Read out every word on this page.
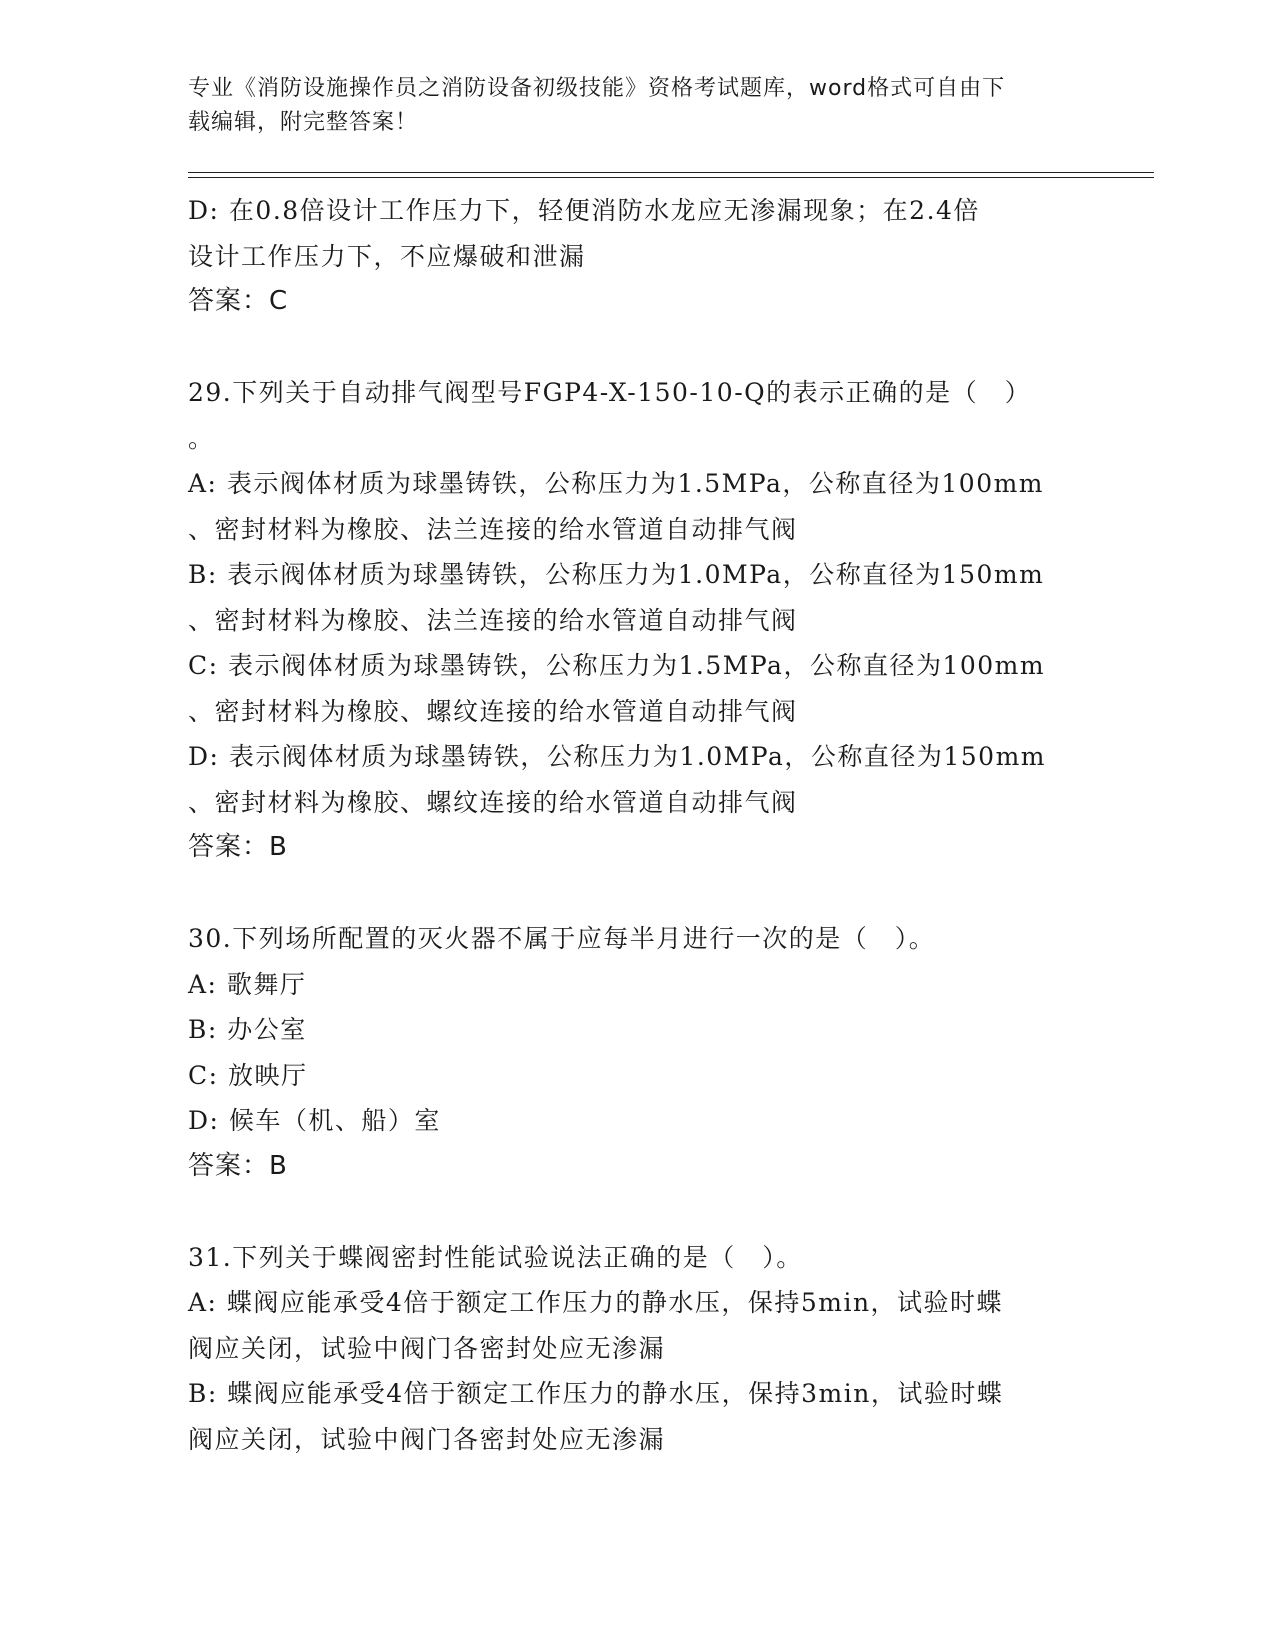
专业《消防设施操作员之消防设备初级技能》资格考试题库，word格式可自由下
载编辑，附完整答案！
D: 在0.8倍设计工作压力下，轻便消防水龙应无渗漏现象；在2.4倍
设计工作压力下，不应爆破和泄漏
答案：C
29.下列关于自动排气阀型号FGP4-X-150-10-Q的表示正确的是（　）
。
A: 表示阀体材质为球墨铸铁，公称压力为1.5MPa，公称直径为100mm
、密封材料为橡胶、法兰连接的给水管道自动排气阀
B: 表示阀体材质为球墨铸铁，公称压力为1.0MPa，公称直径为150mm
、密封材料为橡胶、法兰连接的给水管道自动排气阀
C: 表示阀体材质为球墨铸铁，公称压力为1.5MPa，公称直径为100mm
、密封材料为橡胶、螺纹连接的给水管道自动排气阀
D: 表示阀体材质为球墨铸铁，公称压力为1.0MPa，公称直径为150mm
、密封材料为橡胶、螺纹连接的给水管道自动排气阀
答案：B
30.下列场所配置的灭火器不属于应每半月进行一次的是（　）。
A: 歌舞厅
B: 办公室
C: 放映厅
D: 候车（机、船）室
答案：B
31.下列关于蝶阀密封性能试验说法正确的是（　）。
A: 蝶阀应能承受4倍于额定工作压力的静水压，保持5min，试验时蝶
阀应关闭，试验中阀门各密封处应无渗漏
B: 蝶阀应能承受4倍于额定工作压力的静水压，保持3min，试验时蝶
阀应关闭，试验中阀门各密封处应无渗漏
